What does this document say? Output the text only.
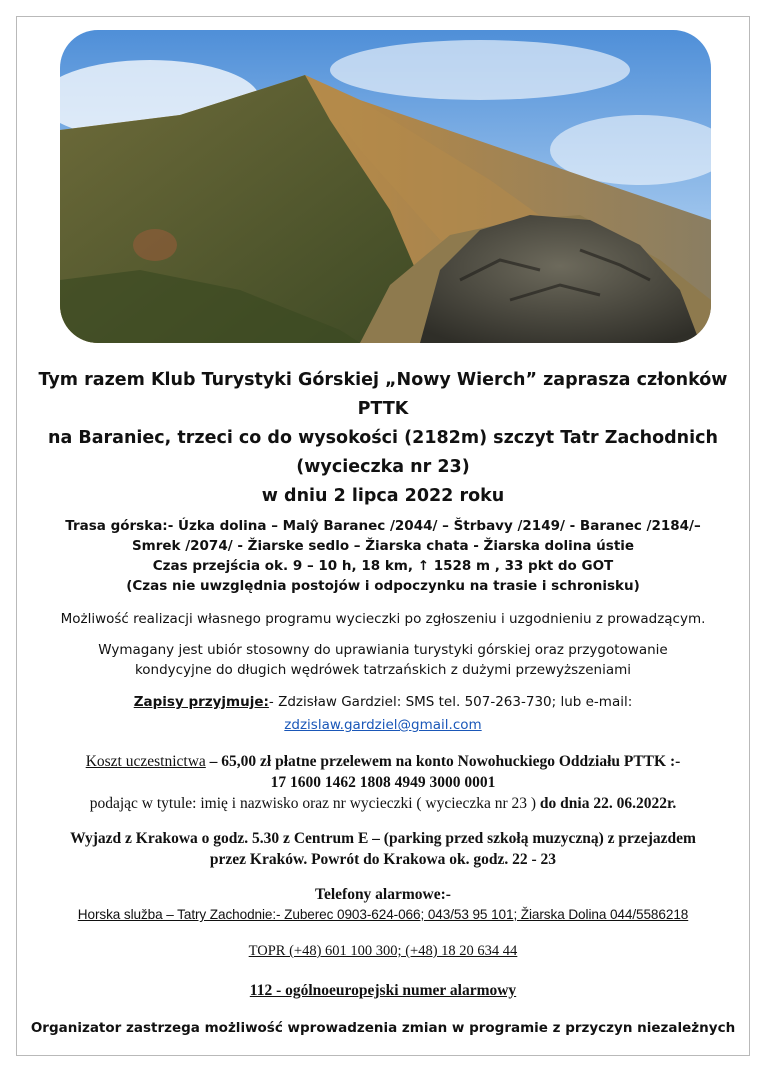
Tym razem Klub Turystyki Górskiej „Nowy Wierch” zaprasza członków PTTK
na Baraniec, trzeci co do wysokości (2182m) szczyt Tatr Zachodnich
(wycieczka nr 23)
w dniu 2 lipca 2022 roku
Trasa górska:- Úzka dolina – Malŷ Baranec /2044/ – Štrbavy /2149/ - Baranec /2184/–
Smrek /2074/ - Žiarske sedlo – Žiarska chata - Žiarska dolina ústie
Czas przejścia ok. 9 – 10 h, 18 km, ↑ 1528 m , 33 pkt do GOT
(Czas nie uwzględnia postojów i odpoczynku na trasie i schronisku)
Możliwość realizacji własnego programu wycieczki po zgłoszeniu i uzgodnieniu z prowadzącym.
Wymagany jest ubiór stosowny do uprawiania turystyki górskiej oraz przygotowanie
kondycyjne do długich wędrówek tatrzańskich z dużymi przewyższeniami
Zapisy przyjmuje:- Zdzisław Gardziel: SMS tel. 507-263-730; lub e-mail:
zdzislaw.gardziel@gmail.com
Koszt uczestnictwa – 65,00 zł płatne przelewem na konto Nowohuckiego Oddziału PTTK :-
17 1600 1462 1808 4949 3000 0001
podając w tytule: imię i nazwisko oraz nr wycieczki ( wycieczka nr 23 ) do dnia 22. 06.2022r.
Wyjazd z Krakowa o godz. 5.30 z Centrum E – (parking przed szkołą muzyczną) z przejazdem
przez Kraków. Powrót do Krakowa ok. godz. 22 - 23
Telefony alarmowe:-
Horska služba – Tatry Zachodnie:- Zuberec 0903-624-066; 043/53 95 101; Žiarska Dolina 044/5586218
TOPR (+48) 601 100 300; (+48) 18 20 634 44
112 - ogólnoeuropejski numer alarmowy
Organizator zastrzega możliwość wprowadzenia zmian w programie z przyczyn niezależnych
